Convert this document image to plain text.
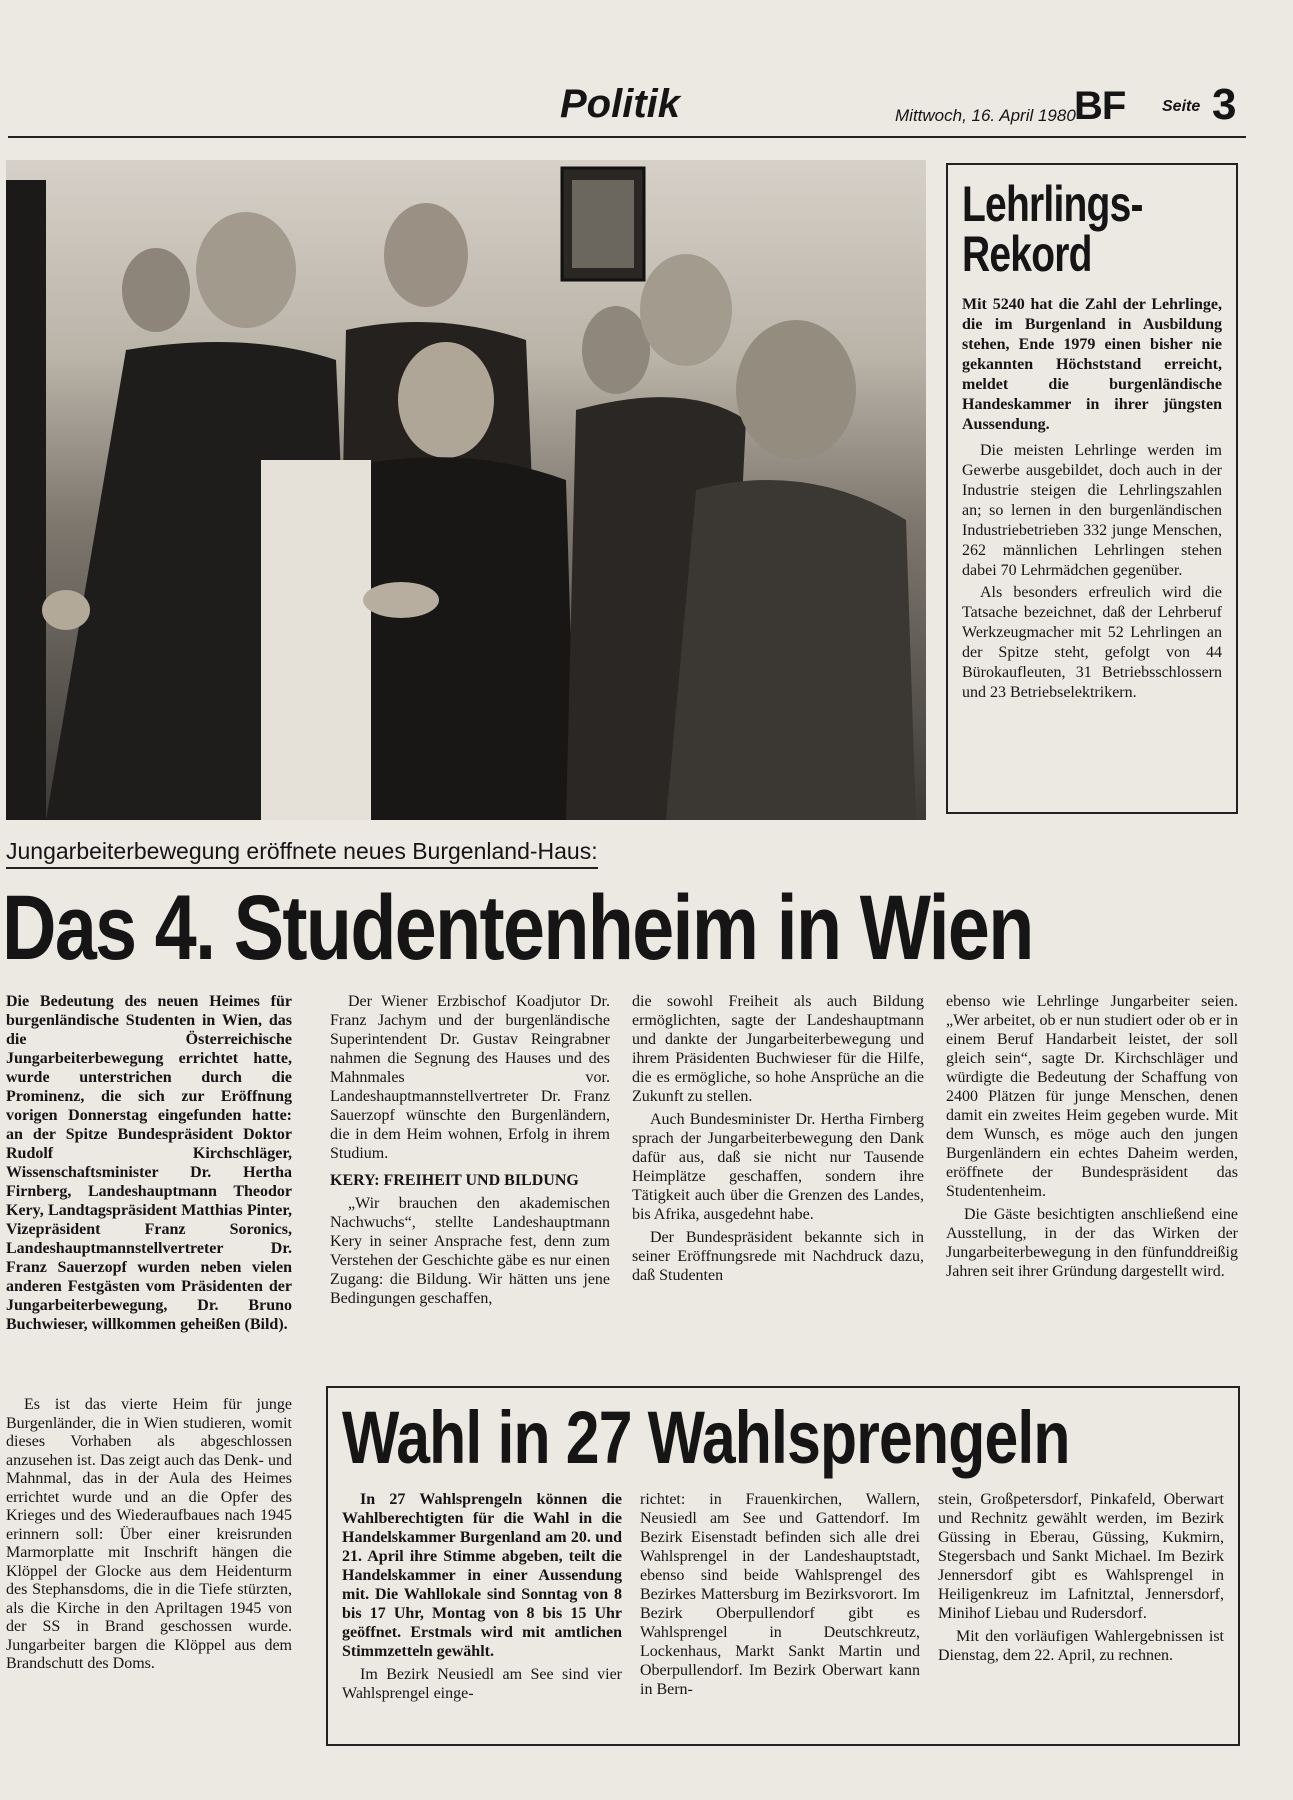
Politik	Mittwoch, 16. April 1980
BF Seite 3
Lehrlings-
Rekord

Mit 5240 hat die Zahl der Lehrlinge, die im Burgenland in Ausbildung stehen, Ende 1979 einen bisher nie gekannten Höchststand erreicht, meldet die burgenländische Handeskammer in ihrer jüngsten Aussendung.

Die meisten Lehrlinge werden im Gewerbe ausgebildet, doch auch in der Industrie steigen die Lehrlingszahlen an; so lernen in den burgenländischen Industriebetrieben 332 junge Menschen, 262 männlichen Lehrlingen stehen dabei 70 Lehrmädchen gegenüber.

Als besonders erfreulich wird die Tatsache bezeichnet, daß der Lehrberuf Werkzeugmacher mit 52 Lehrlingen an der Spitze steht, gefolgt von 44 Bürokaufleuten, 31 Betriebsschlossern und 23 Betriebselektrikern.

Jungarbeiterbewegung eröffnete neues Burgenland-Haus:
Das 4. Studentenheim in Wien

Die Bedeutung des neuen Heimes für burgenländische Studenten in Wien, das die Österreichische Jungarbeiterbewegung errichtet hatte, wurde unterstrichen durch die Prominenz, die sich zur Eröffnung vorigen Donnerstag eingefunden hatte: an der Spitze Bundespräsident Doktor Rudolf Kirchschläger, Wissenschaftsminister Dr. Hertha Firnberg, Landeshauptmann Theodor Kery, Landtagspräsident Matthias Pinter, Vizepräsident Franz Soronics, Landeshauptmannstellvertreter Dr. Franz Sauerzopf wurden neben vielen anderen Festgästen vom Präsidenten der Jungarbeiterbewegung, Dr. Bruno Buchwieser, willkommen geheißen (Bild).

Es ist das vierte Heim für junge Burgenländer, die in Wien studieren, womit dieses Vorhaben als abgeschlossen anzusehen ist. Das zeigt auch das Denk- und Mahnmal, das in der Aula des Heimes errichtet wurde und an die Opfer des Krieges und des Wiederaufbaues nach 1945 erinnern soll: Über einer kreisrunden Marmorplatte mit Inschrift hängen die Klöppel der Glocke aus dem Heidenturm des Stephansdoms, die in die Tiefe stürzten, als die Kirche in den Apriltagen 1945 von der SS in Brand geschossen wurde. Jungarbeiter bargen die Klöppel aus dem Brandschutt des Doms.

Der Wiener Erzbischof Koadjutor Dr. Franz Jachym und der burgenländische Superintendent Dr. Gustav Reingrabner nahmen die Segnung des Hauses und des Mahnmales vor. Landeshauptmannstellvertreter Dr. Franz Sauerzopf wünschte den Burgenländern, die in dem Heim wohnen, Erfolg in ihrem Studium.

KERY: FREIHEIT UND BILDUNG

„Wir brauchen den akademischen Nachwuchs“, stellte Landeshauptmann Kery in seiner Ansprache fest, denn zum Verstehen der Geschichte gäbe es nur einen Zugang: die Bildung. Wir hätten uns jene Bedingungen geschaffen,

die sowohl Freiheit als auch Bildung ermöglichten, sagte der Landeshauptmann und dankte der Jungarbeiterbewegung und ihrem Präsidenten Buchwieser für die Hilfe, die es ermögliche, so hohe Ansprüche an die Zukunft zu stellen.

Auch Bundesminister Dr. Hertha Firnberg sprach der Jungarbeiterbewegung den Dank dafür aus, daß sie nicht nur Tausende Heimplätze geschaffen, sondern ihre Tätigkeit auch über die Grenzen des Landes, bis Afrika, ausgedehnt habe.

Der Bundespräsident bekannte sich in seiner Eröffnungsrede mit Nachdruck dazu, daß Studenten

ebenso wie Lehrlinge Jungarbeiter seien. „Wer arbeitet, ob er nun studiert oder ob er in einem Beruf Handarbeit leistet, der soll gleich sein“, sagte Dr. Kirchschläger und würdigte die Bedeutung der Schaffung von 2400 Plätzen für junge Menschen, denen damit ein zweites Heim gegeben wurde. Mit dem Wunsch, es möge auch den jungen Burgenländern ein echtes Daheim werden, eröffnete der Bundespräsident das Studentenheim.

Die Gäste besichtigten anschließend eine Ausstellung, in der das Wirken der Jungarbeiterbewegung in den fünfunddreißig Jahren seit ihrer Gründung dargestellt wird.

Wahl in 27 Wahlsprengeln

In 27 Wahlsprengeln können die Wahlberechtigten für die Wahl in die Handelskammer Burgenland am 20. und 21. April ihre Stimme abgeben, teilt die Handelskammer in einer Aussendung mit. Die Wahllokale sind Sonntag von 8 bis 17 Uhr, Montag von 8 bis 15 Uhr geöffnet. Erstmals wird mit amtlichen Stimmzetteln gewählt.

Im Bezirk Neusiedl am See sind vier Wahlsprengel einge-

richtet: in Frauenkirchen, Wallern, Neusiedl am See und Gattendorf. Im Bezirk Eisenstadt befinden sich alle drei Wahlsprengel in der Landeshauptstadt, ebenso sind beide Wahlsprengel des Bezirkes Mattersburg im Bezirksvorort. Im Bezirk Oberpullendorf gibt es Wahlsprengel in Deutschkreutz, Lockenhaus, Markt Sankt Martin und Oberpullendorf. Im Bezirk Oberwart kann in Bern-

stein, Großpetersdorf, Pinkafeld, Oberwart und Rechnitz gewählt werden, im Bezirk Güssing in Eberau, Güssing, Kukmirn, Stegersbach und Sankt Michael. Im Bezirk Jennersdorf gibt es Wahlsprengel in Heiligenkreuz im Lafnitztal, Jennersdorf, Minihof Liebau und Rudersdorf.

Mit den vorläufigen Wahlergebnissen ist Dienstag, dem 22. April, zu rechnen.
